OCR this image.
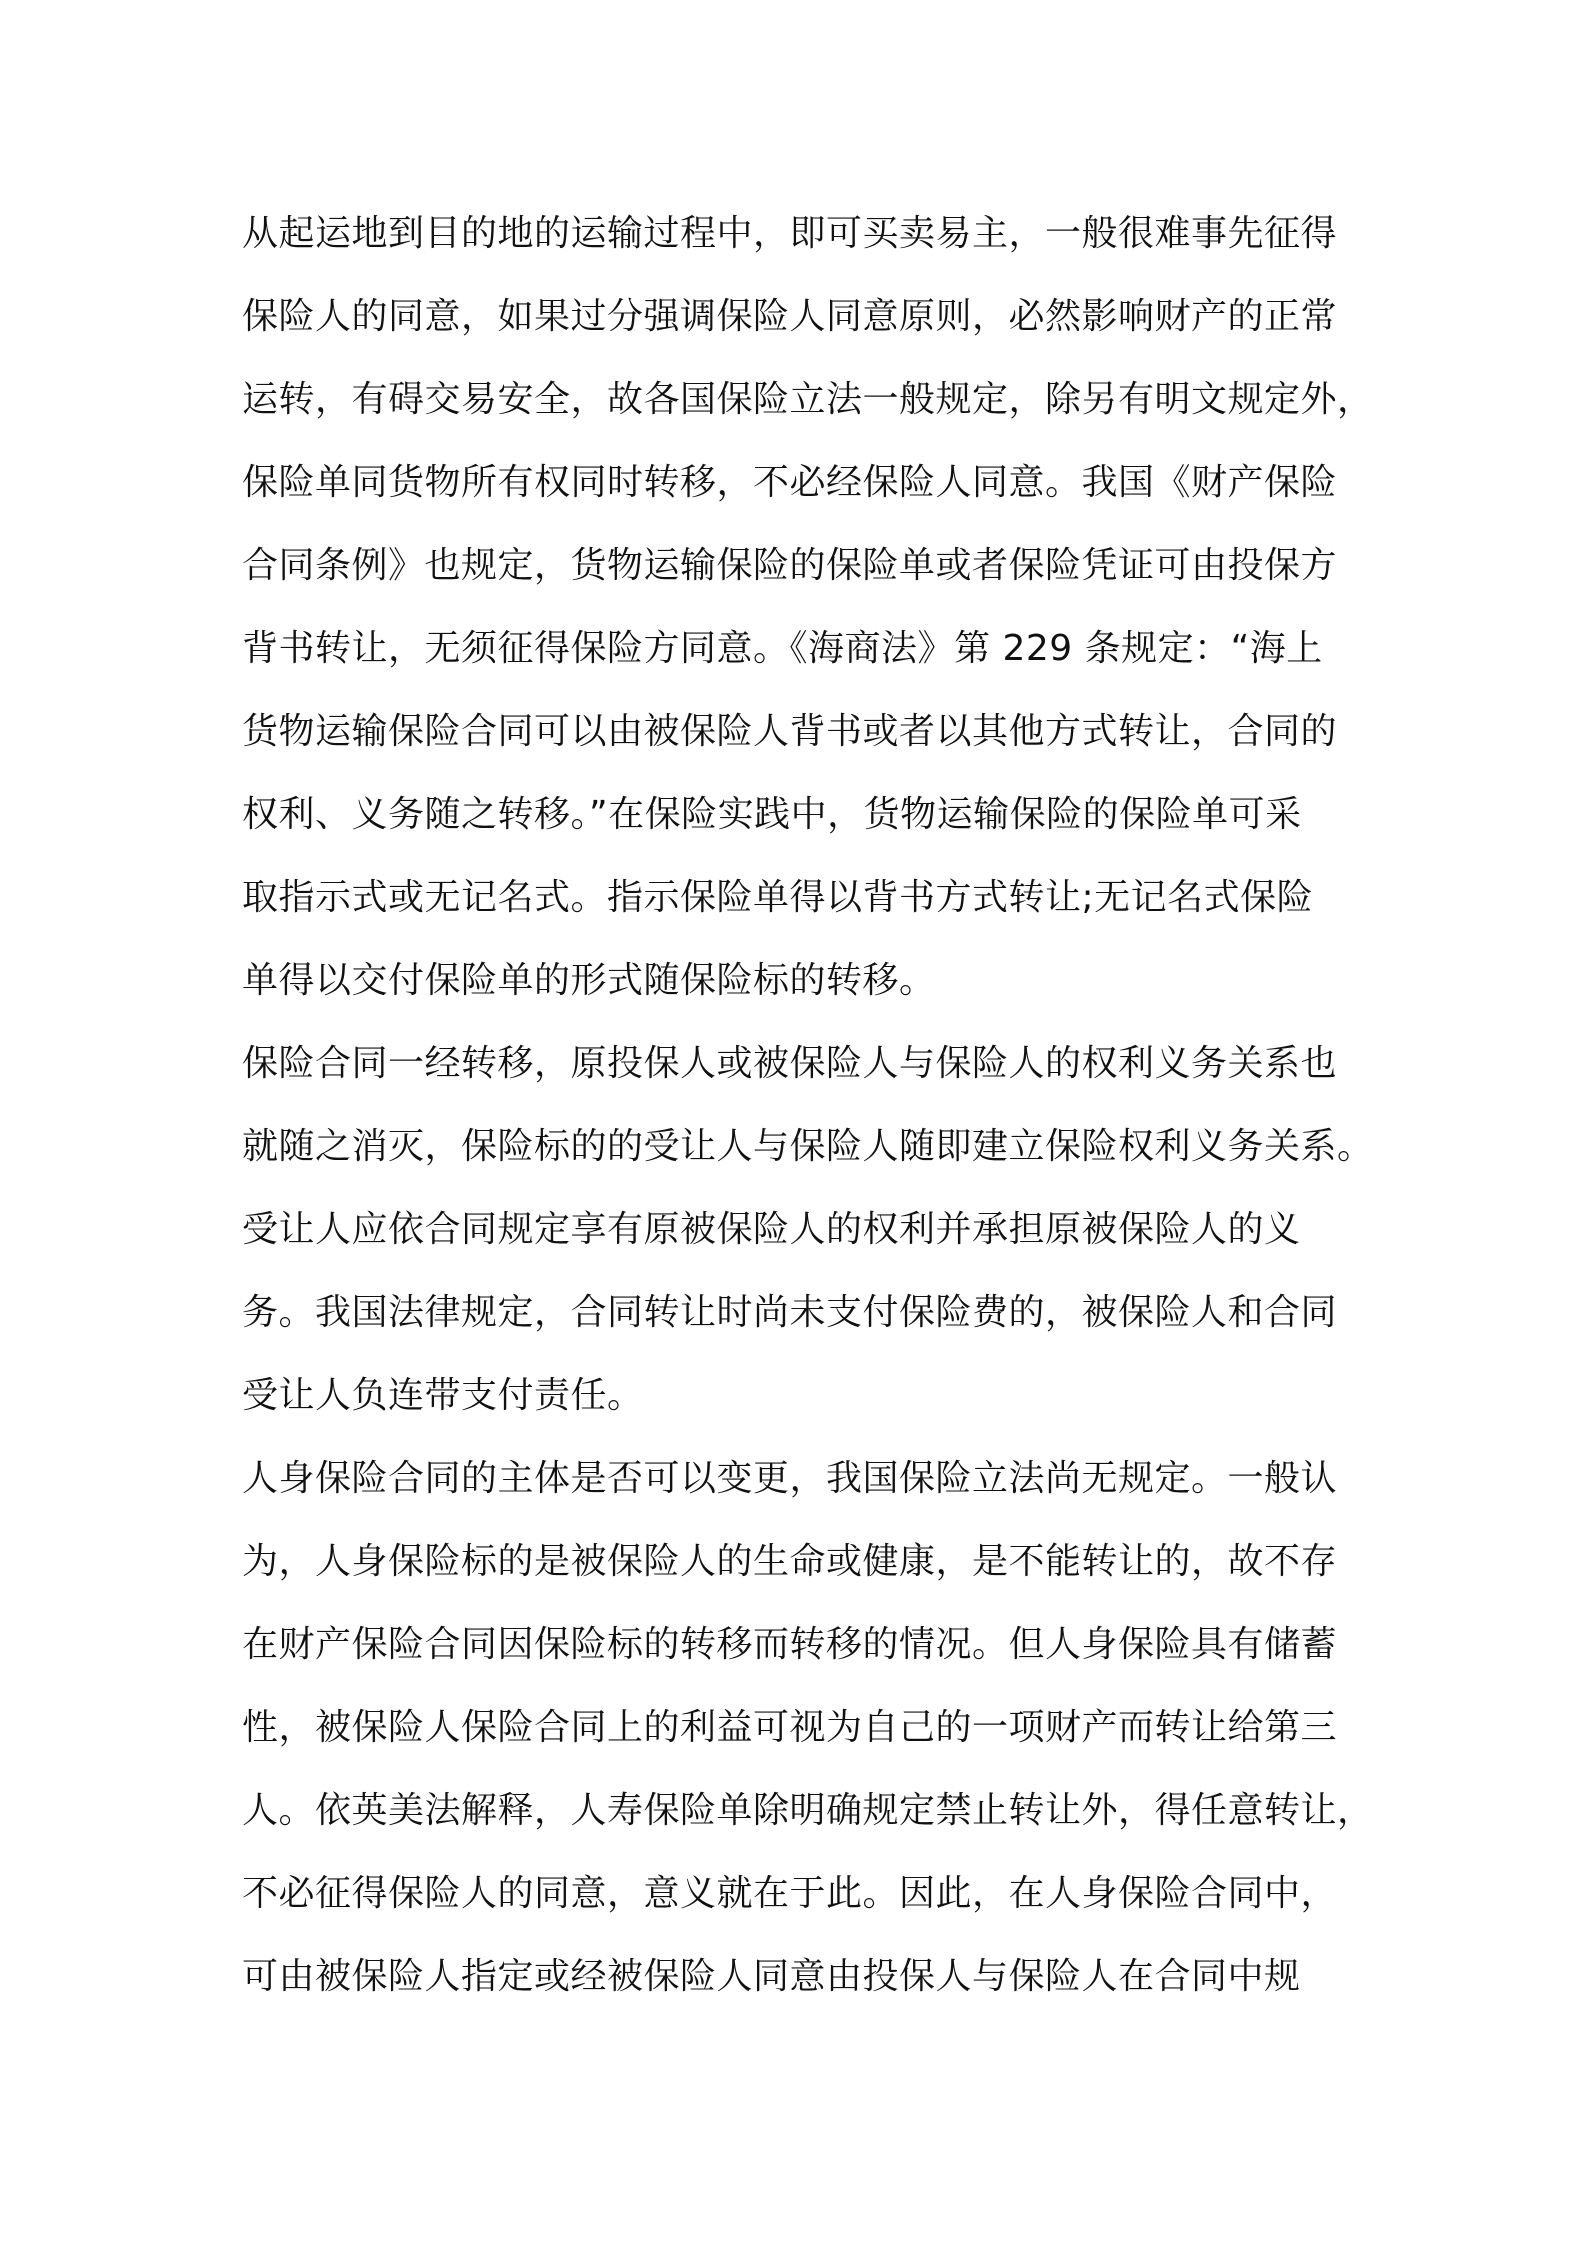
从起运地到目的地的运输过程中，即可买卖易主，一般很难事先征得
保险人的同意，如果过分强调保险人同意原则，必然影响财产的正常
运转，有碍交易安全，故各国保险立法一般规定，除另有明文规定外，
保险单同货物所有权同时转移，不必经保险人同意。我国《财产保险
合同条例》也规定，货物运输保险的保险单或者保险凭证可由投保方
背书转让，无须征得保险方同意。《海商法》第 229 条规定：“海上
货物运输保险合同可以由被保险人背书或者以其他方式转让，合同的
权利、义务随之转移。”在保险实践中，货物运输保险的保险单可采
取指示式或无记名式。指示保险单得以背书方式转让;无记名式保险
单得以交付保险单的形式随保险标的转移。
保险合同一经转移，原投保人或被保险人与保险人的权利义务关系也
就随之消灭，保险标的的受让人与保险人随即建立保险权利义务关系。
受让人应依合同规定享有原被保险人的权利并承担原被保险人的义
务。我国法律规定，合同转让时尚未支付保险费的，被保险人和合同
受让人负连带支付责任。
人身保险合同的主体是否可以变更，我国保险立法尚无规定。一般认
为，人身保险标的是被保险人的生命或健康，是不能转让的，故不存
在财产保险合同因保险标的转移而转移的情况。但人身保险具有储蓄
性，被保险人保险合同上的利益可视为自己的一项财产而转让给第三
人。依英美法解释，人寿保险单除明确规定禁止转让外，得任意转让，
不必征得保险人的同意，意义就在于此。因此，在人身保险合同中，
可由被保险人指定或经被保险人同意由投保人与保险人在合同中规
